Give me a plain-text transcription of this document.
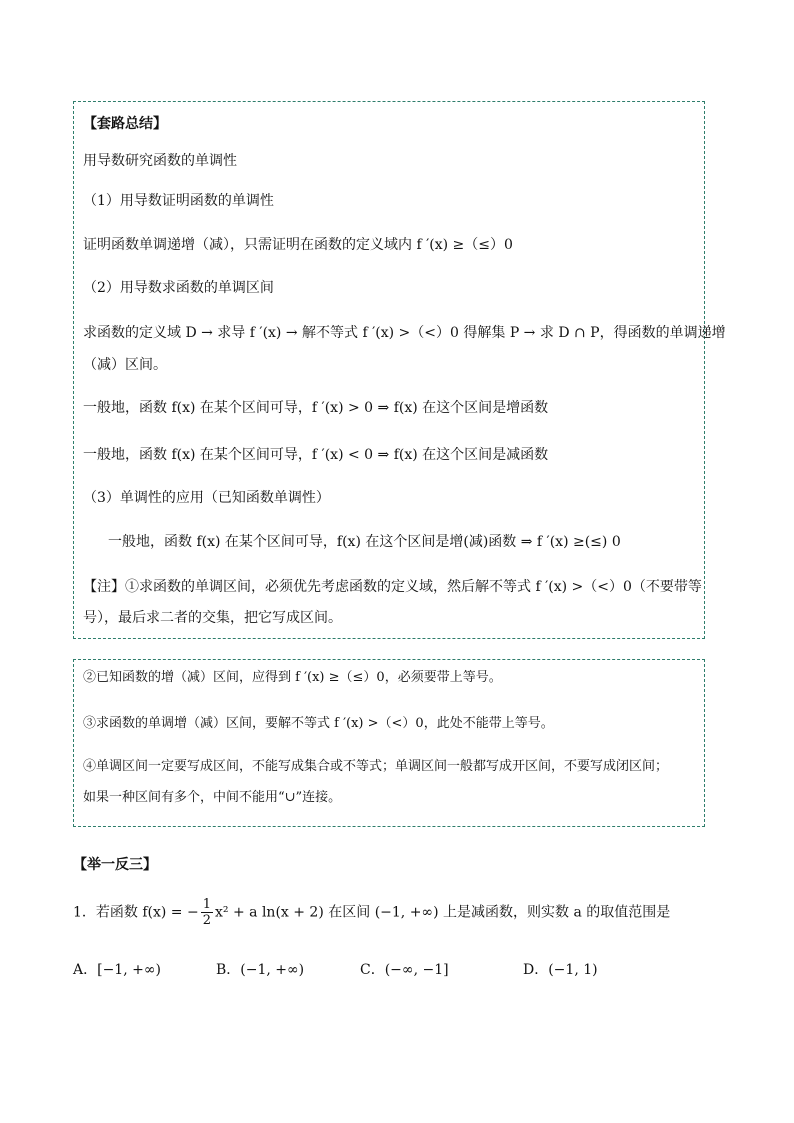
【套路总结】
用导数研究函数的单调性
（1）用导数证明函数的单调性
证明函数单调递增（减），只需证明在函数的定义域内 f ′(x) ≥（≤）0
（2）用导数求函数的单调区间
求函数的定义域 D → 求导 f ′(x) → 解不等式 f ′(x) >（<）0 得解集 P → 求 D ∩ P，得函数的单调递增
（减）区间。
一般地，函数 f(x) 在某个区间可导，f ′(x) > 0 ⇒ f(x) 在这个区间是增函数
一般地，函数 f(x) 在某个区间可导，f ′(x) < 0 ⇒ f(x) 在这个区间是减函数
（3）单调性的应用（已知函数单调性）
一般地，函数 f(x) 在某个区间可导，f(x) 在这个区间是增(减)函数 ⇒ f ′(x) ≥(≤) 0
【注】①求函数的单调区间，必须优先考虑函数的定义域，然后解不等式 f ′(x) >（<）0（不要带等
号），最后求二者的交集，把它写成区间。
②已知函数的增（减）区间，应得到 f ′(x) ≥（≤）0，必须要带上等号。
③求函数的单调增（减）区间，要解不等式 f ′(x) >（<）0，此处不能带上等号。
④单调区间一定要写成区间，不能写成集合或不等式；单调区间一般都写成开区间，不要写成闭区间；
如果一种区间有多个，中间不能用“∪”连接。
【举一反三】
1．若函数 f(x) = − $\frac{1}{2} x^2 + a$ ln(x + 2) 在区间 (−1, +∞) 上是减函数，则实数 a 的取值范围是
A．[−1, +∞)	B．(−1, +∞)	C．(−∞, −1]	D．(−1, 1)
